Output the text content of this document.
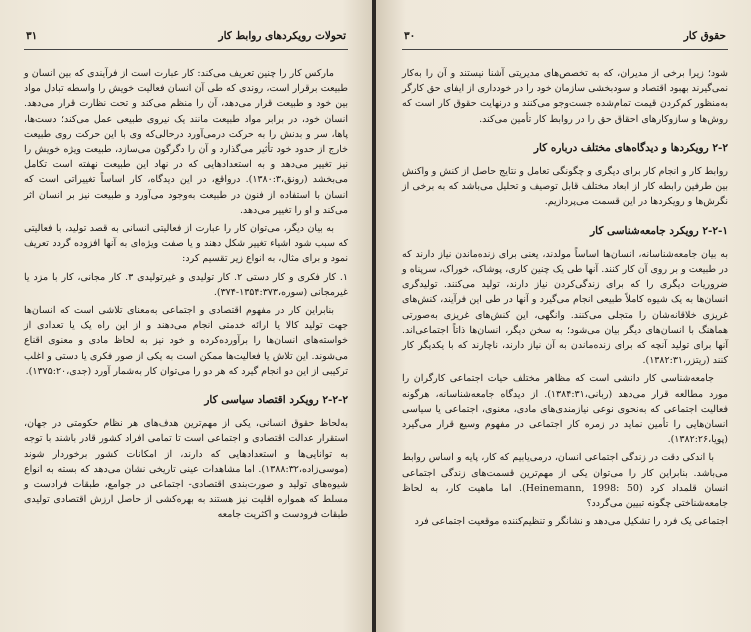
۳۱	تحولات رویکردهای روابط کار

مارکس کار را چنین تعریف می‌کند: کار عبارت است از فرآیندی که بین انسان و طبیعت برقرار است، روندی که طی آن انسان فعالیت خویش را واسطه تبادل مواد بین خود و طبیعت قرار می‌دهد، آن را منظم می‌کند و تحت نظارت قرار می‌دهد. انسان خود، در برابر مواد طبیعت مانند یک نیروی طبیعی عمل می‌کند؛ دست‌ها، پاها، سر و بدنش را به حرکت درمی‌آورد درحالی‌که وی با این حرکت روی طبیعت خارج از حدود خود تأثیر می‌گذارد و آن را دگرگون می‌سازد، طبیعت ویژه خویش را نیز تغییر می‌دهد و به استعدادهایی که در نهاد این طبیعت نهفته است تکامل می‌بخشد (رونق،۱۳۸۰:۳). درواقع، در این دیدگاه، کار اساساً تغییراتی است که انسان با استفاده از فنون در طبیعت به‌وجود می‌آورد و طبیعت نیز بر انسان اثر می‌کند و او را تغییر می‌دهد.

به بیان دیگر، می‌توان کار را عبارت از فعالیتی انسانی به قصد تولید، با فعالیتی که سبب شود اشیاء تغییر شکل دهند و یا صفت ویژه‌ای به آنها افزوده گردد تعریف نمود و برای مثال، به انواع زیر تقسیم کرد:

۱. کار فکری و کار دستی ۲. کار تولیدی و غیرتولیدی ۳. کار مجانی، کار با مزد یا غیرمجانی (سوره،۱۳۵۴:۳۷۳-۳۷۴).

بنابراین کار در مفهوم اقتصادی و اجتماعی به‌معنای تلاشی است که انسان‌ها جهت تولید کالا یا ارائه خدمتی انجام می‌دهند و از این راه یک یا تعدادی از خواسته‌های انسان‌ها را برآورده‌کرده و خود نیز به لحاظ مادی و معنوی اقناع می‌شوند. این تلاش یا فعالیت‌ها ممکن است به یکی از صور فکری یا دستی و اغلب ترکیبی از این دو انجام گیرد که هر دو را می‌توان کار به‌شمار آورد (جدی،۱۳۷۵:۲۰).

۲-۲-۲ رویکرد اقتصاد سیاسی کار

به‌لحاظ حقوق انسانی، یکی از مهم‌ترین هدف‌های هر نظام حکومتی در جهان، استقرار عدالت اقتصادی و اجتماعی است تا تمامی افراد کشور قادر باشند با توجه به توانایی‌ها و استعدادهایی که دارند، از امکانات کشور برخوردار شوند (موسی‌زاده،۱۳۸۸:۳۲). اما مشاهدات عینی تاریخی نشان می‌دهد که بسته به انواع شیوه‌های تولید و صورت‌بندی اقتصادی- اجتماعی در جوامع، طبقات فرادست و مسلط که همواره اقلیت نیز هستند به بهره‌کشی از حاصل ارزش اقتصادی تولیدی طبقات فرودست و اکثریت جامعه

۳۰	حقوق کار

شود؛ زیرا برخی از مدیران، که به تخصص‌های مدیریتی آشنا نیستند و آن را به‌کار نمی‌گیرند بهبود اقتصاد و سودبخشی سازمان خود را در خودداری از ایفای حق کارگر به‌منظور کم‌کردن قیمت تمام‌شده جست‌وجو می‌کنند و درنهایت حقوق کار است که روش‌ها و سازوکارهای احقاق حق را در روابط کار تأمین می‌کند.

۲-۲ رویکردها و دیدگاه‌های مختلف درباره کار

روابط کار و انجام کار برای دیگری و چگونگی تعامل و نتایج حاصل از کنش و واکنش بین طرفین رابطه کار از ابعاد مختلف قابل توصیف و تحلیل می‌باشد که به برخی از نگرش‌ها و رویکردها در این قسمت می‌پردازیم.

۲-۲-۱ رویکرد جامعه‌شناسی کار

به بیان جامعه‌شناسانه، انسان‌ها اساساً مولدند، یعنی برای زنده‌ماندن نیاز دارند که در طبیعت و بر روی آن کار کنند. آنها طی یک چنین کاری، پوشاک، خوراک، سرپناه و ضروریات دیگری را که برای زندگی‌کردن نیاز دارند، تولید می‌کنند. تولیدگری انسان‌ها به یک شیوه کاملاً طبیعی انجام می‌گیرد و آنها در طی این فرآیند، کنش‌های غریزی خلاقانه‌شان را متجلی می‌کنند. وانگهی، این کنش‌های غریزی به‌صورتی هماهنگ با انسان‌های دیگر بیان می‌شود؛ به سخن دیگر، انسان‌ها ذاتاً اجتماعی‌اند. آنها برای تولید آنچه که برای زنده‌ماندن به آن نیاز دارند، ناچارند که با یکدیگر کار کنند (ریتزر،۱۳۸۲:۳۱).

جامعه‌شناسی کار دانشی است که مظاهر مختلف حیات اجتماعی کارگران را مورد مطالعه قرار می‌دهد (ربانی،۱۳۸۴:۳۱). از دیدگاه جامعه‌شناسانه، هرگونه فعالیت اجتماعی که به‌نحوی نوعی نیازمندی‌های مادی، معنوی، اجتماعی یا سیاسی انسان‌هایی را تأمین نماید در زمره کار اجتماعی در مفهوم وسیع قرار می‌گیرد (پویا،۱۳۸۲:۲۶).

با اندکی دقت در زندگی اجتماعی انسان، درمی‌یابیم که کار، پایه و اساس روابط می‌باشد. بنابراین کار را می‌توان یکی از مهم‌ترین قسمت‌های زندگی اجتماعی انسان قلمداد کرد (Heinemann, 1998: 50). اما ماهیت کار، به لحاظ جامعه‌شناختی چگونه تبیین می‌گردد؟

اجتماعی یک فرد را تشکیل می‌دهد و نشانگر و تنظیم‌کننده موقعیت اجتماعی فرد
